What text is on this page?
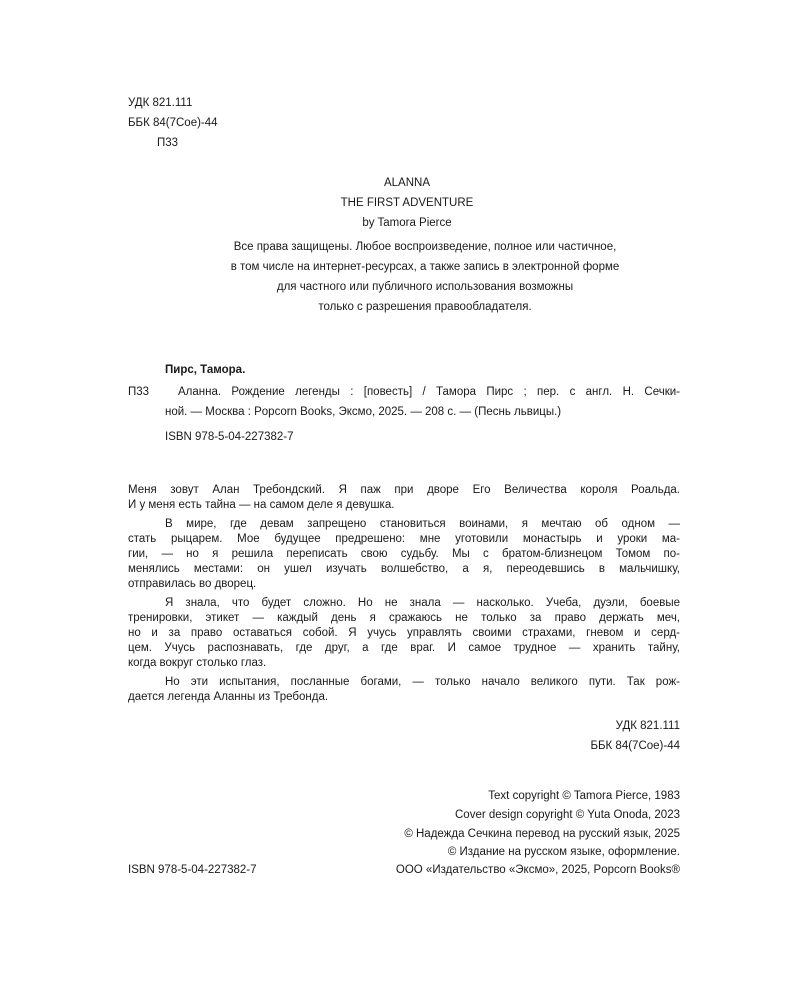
УДК 821.111
ББК 84(7Сое)-44
П33
ALANNA
THE FIRST ADVENTURE
by Tamora Pierce
Все права защищены. Любое воспроизведение, полное или частичное,
в том числе на интернет-ресурсах, а также запись в электронной форме
для частного или публичного использования возможны
только с разрешения правообладателя.
Пирс, Тамора.
П33	Аланна. Рождение легенды : [повесть] / Тамора Пирс ; пер. с англ. Н. Сечки-
ной. — Москва : Popcorn Books, Эксмо, 2025. — 208 с. — (Песнь львицы.)
ISBN 978-5-04-227382-7
Меня зовут Алан Требондский. Я паж при дворе Его Величества короля Роальда.
И у меня есть тайна — на самом деле я девушка.
В мире, где девам запрещено становиться воинами, я мечтаю об одном —
стать рыцарем. Мое будущее предрешено: мне уготовили монастырь и уроки ма-
гии, — но я решила переписать свою судьбу. Мы с братом-близнецом Томом по-
менялись местами: он ушел изучать волшебство, а я, переодевшись в мальчишку,
отправилась во дворец.
Я знала, что будет сложно. Но не знала — насколько. Учеба, дуэли, боевые
тренировки, этикет — каждый день я сражаюсь не только за право держать меч,
но и за право оставаться собой. Я учусь управлять своими страхами, гневом и серд-
цем. Учусь распознавать, где друг, а где враг. И самое трудное — хранить тайну,
когда вокруг столько глаз.
Но эти испытания, посланные богами, — только начало великого пути. Так рож-
дается легенда Аланны из Требонда.
УДК 821.111
ББК 84(7Сое)-44
Text copyright © Tamora Pierce, 1983
Cover design copyright © Yuta Onoda, 2023
© Надежда Сечкина перевод на русский язык, 2025
© Издание на русском языке, оформление.
ООО «Издательство «Эксмо», 2025, Popcorn Books®
ISBN 978-5-04-227382-7
